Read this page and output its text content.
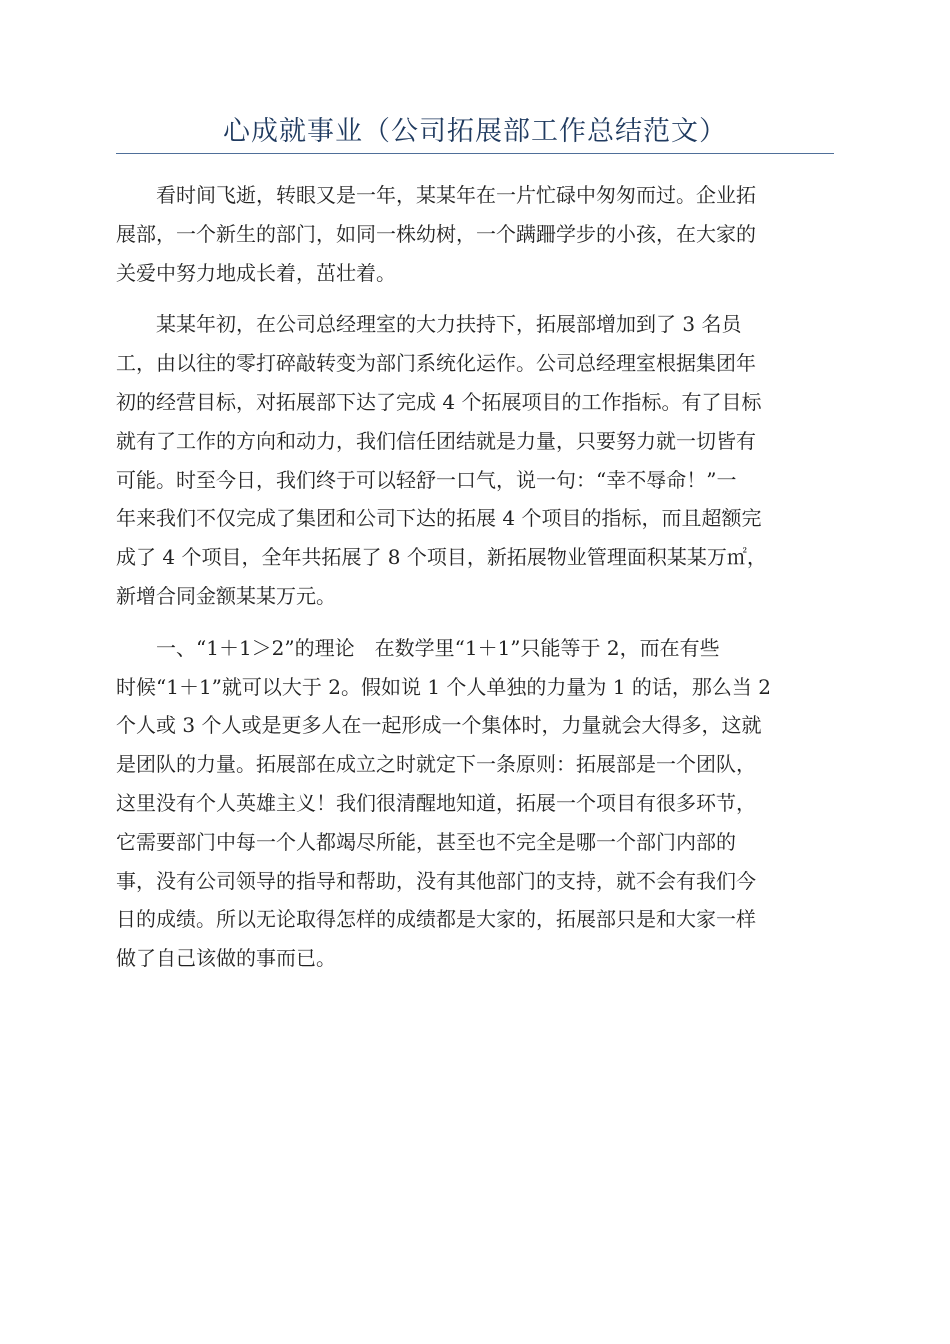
心成就事业（公司拓展部工作总结范文）
　　看时间飞逝，转眼又是一年，某某年在一片忙碌中匆匆而过。企业拓
展部，一个新生的部门，如同一株幼树，一个蹒跚学步的小孩，在大家的
关爱中努力地成长着，茁壮着。
　　某某年初，在公司总经理室的大力扶持下，拓展部增加到了 3 名员
工，由以往的零打碎敲转变为部门系统化运作。公司总经理室根据集团年
初的经营目标，对拓展部下达了完成 4 个拓展项目的工作指标。有了目标
就有了工作的方向和动力，我们信任团结就是力量，只要努力就一切皆有
可能。时至今日，我们终于可以轻舒一口气，说一句：“幸不辱命！”一
年来我们不仅完成了集团和公司下达的拓展 4 个项目的指标，而且超额完
成了 4 个项目，全年共拓展了 8 个项目，新拓展物业管理面积某某万㎡，
新增合同金额某某万元。
　　一、“1＋1＞2”的理论　在数学里“1＋1”只能等于 2，而在有些
时候“1＋1”就可以大于 2。假如说 1 个人单独的力量为 1 的话，那么当 2
个人或 3 个人或是更多人在一起形成一个集体时，力量就会大得多，这就
是团队的力量。拓展部在成立之时就定下一条原则：拓展部是一个团队，
这里没有个人英雄主义！我们很清醒地知道，拓展一个项目有很多环节，
它需要部门中每一个人都竭尽所能，甚至也不完全是哪一个部门内部的
事，没有公司领导的指导和帮助，没有其他部门的支持，就不会有我们今
日的成绩。所以无论取得怎样的成绩都是大家的，拓展部只是和大家一样
做了自己该做的事而已。
